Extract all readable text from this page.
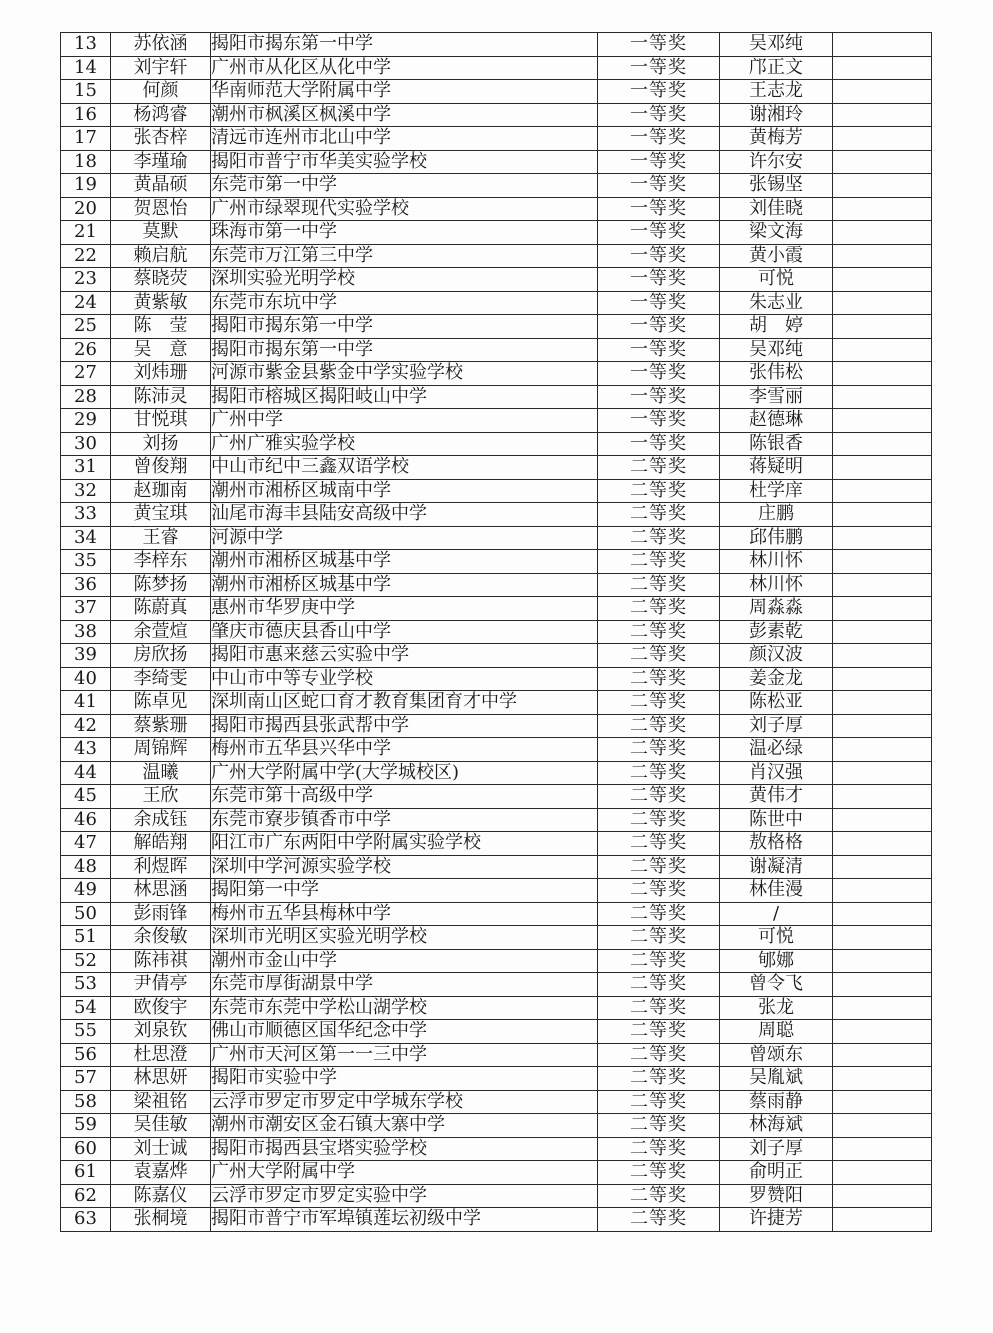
13	苏依涵	揭阳市揭东第一中学	一等奖	吴邓纯	
14	刘宇轩	广州市从化区从化中学	一等奖	邝正文	
15	何颜	华南师范大学附属中学	一等奖	王志龙	
16	杨鸿睿	潮州市枫溪区枫溪中学	一等奖	谢湘玲	
17	张杏梓	清远市连州市北山中学	一等奖	黄梅芳	
18	李瑾瑜	揭阳市普宁市华美实验学校	一等奖	许尔安	
19	黄晶硕	东莞市第一中学	一等奖	张锡坚	
20	贺恩怡	广州市绿翠现代实验学校	一等奖	刘佳晓	
21	莫默	珠海市第一中学	一等奖	梁文海	
22	赖启航	东莞市万江第三中学	一等奖	黄小霞	
23	蔡晓荧	深圳实验光明学校	一等奖	可悦	
24	黄紫敏	东莞市东坑中学	一等奖	朱志业	
25	陈　莹	揭阳市揭东第一中学	一等奖	胡　婷	
26	吴　意	揭阳市揭东第一中学	一等奖	吴邓纯	
27	刘炜珊	河源市紫金县紫金中学实验学校	一等奖	张伟松	
28	陈沛灵	揭阳市榕城区揭阳岐山中学	一等奖	李雪丽	
29	甘悦琪	广州中学	一等奖	赵德琳	
30	刘扬	广州广雅实验学校	一等奖	陈银香	
31	曾俊翔	中山市纪中三鑫双语学校	二等奖	蒋疑明	
32	赵珈南	潮州市湘桥区城南中学	二等奖	杜学庠	
33	黄宝琪	汕尾市海丰县陆安高级中学	二等奖	庄鹏	
34	王睿	河源中学	二等奖	邱伟鹏	
35	李梓东	潮州市湘桥区城基中学	二等奖	林川怀	
36	陈梦扬	潮州市湘桥区城基中学	二等奖	林川怀	
37	陈蔚真	惠州市华罗庚中学	二等奖	周淼淼	
38	余萱煊	肇庆市德庆县香山中学	二等奖	彭素乾	
39	房欣扬	揭阳市惠来慈云实验中学	二等奖	颜汉波	
40	李绮雯	中山市中等专业学校	二等奖	姜金龙	
41	陈卓见	深圳南山区蛇口育才教育集团育才中学	二等奖	陈松亚	
42	蔡紫珊	揭阳市揭西县张武帮中学	二等奖	刘子厚	
43	周锦辉	梅州市五华县兴华中学	二等奖	温必绿	
44	温曦	广州大学附属中学(大学城校区)	二等奖	肖汉强	
45	王欣	东莞市第十高级中学	二等奖	黄伟才	
46	余成钰	东莞市寮步镇香市中学	二等奖	陈世中	
47	解皓翔	阳江市广东两阳中学附属实验学校	二等奖	敖格格	
48	利煜晖	深圳中学河源实验学校	二等奖	谢凝清	
49	林思涵	揭阳第一中学	二等奖	林佳漫	
50	彭雨锋	梅州市五华县梅林中学	二等奖	/	
51	余俊敏	深圳市光明区实验光明学校	二等奖	可悦	
52	陈祎祺	潮州市金山中学	二等奖	郇娜	
53	尹倩亭	东莞市厚街湖景中学	二等奖	曾令飞	
54	欧俊宇	东莞市东莞中学松山湖学校	二等奖	张龙	
55	刘泉钦	佛山市顺德区国华纪念中学	二等奖	周聪	
56	杜思澄	广州市天河区第一一三中学	二等奖	曾颂东	
57	林思妍	揭阳市实验中学	二等奖	吴胤斌	
58	梁祖铭	云浮市罗定市罗定中学城东学校	二等奖	蔡雨静	
59	吴佳敏	潮州市潮安区金石镇大寨中学	二等奖	林海斌	
60	刘士诚	揭阳市揭西县宝塔实验学校	二等奖	刘子厚	
61	袁嘉烨	广州大学附属中学	二等奖	俞明正	
62	陈嘉仪	云浮市罗定市罗定实验中学	二等奖	罗赞阳	
63	张桐境	揭阳市普宁市军埠镇莲坛初级中学	二等奖	许捷芳	
